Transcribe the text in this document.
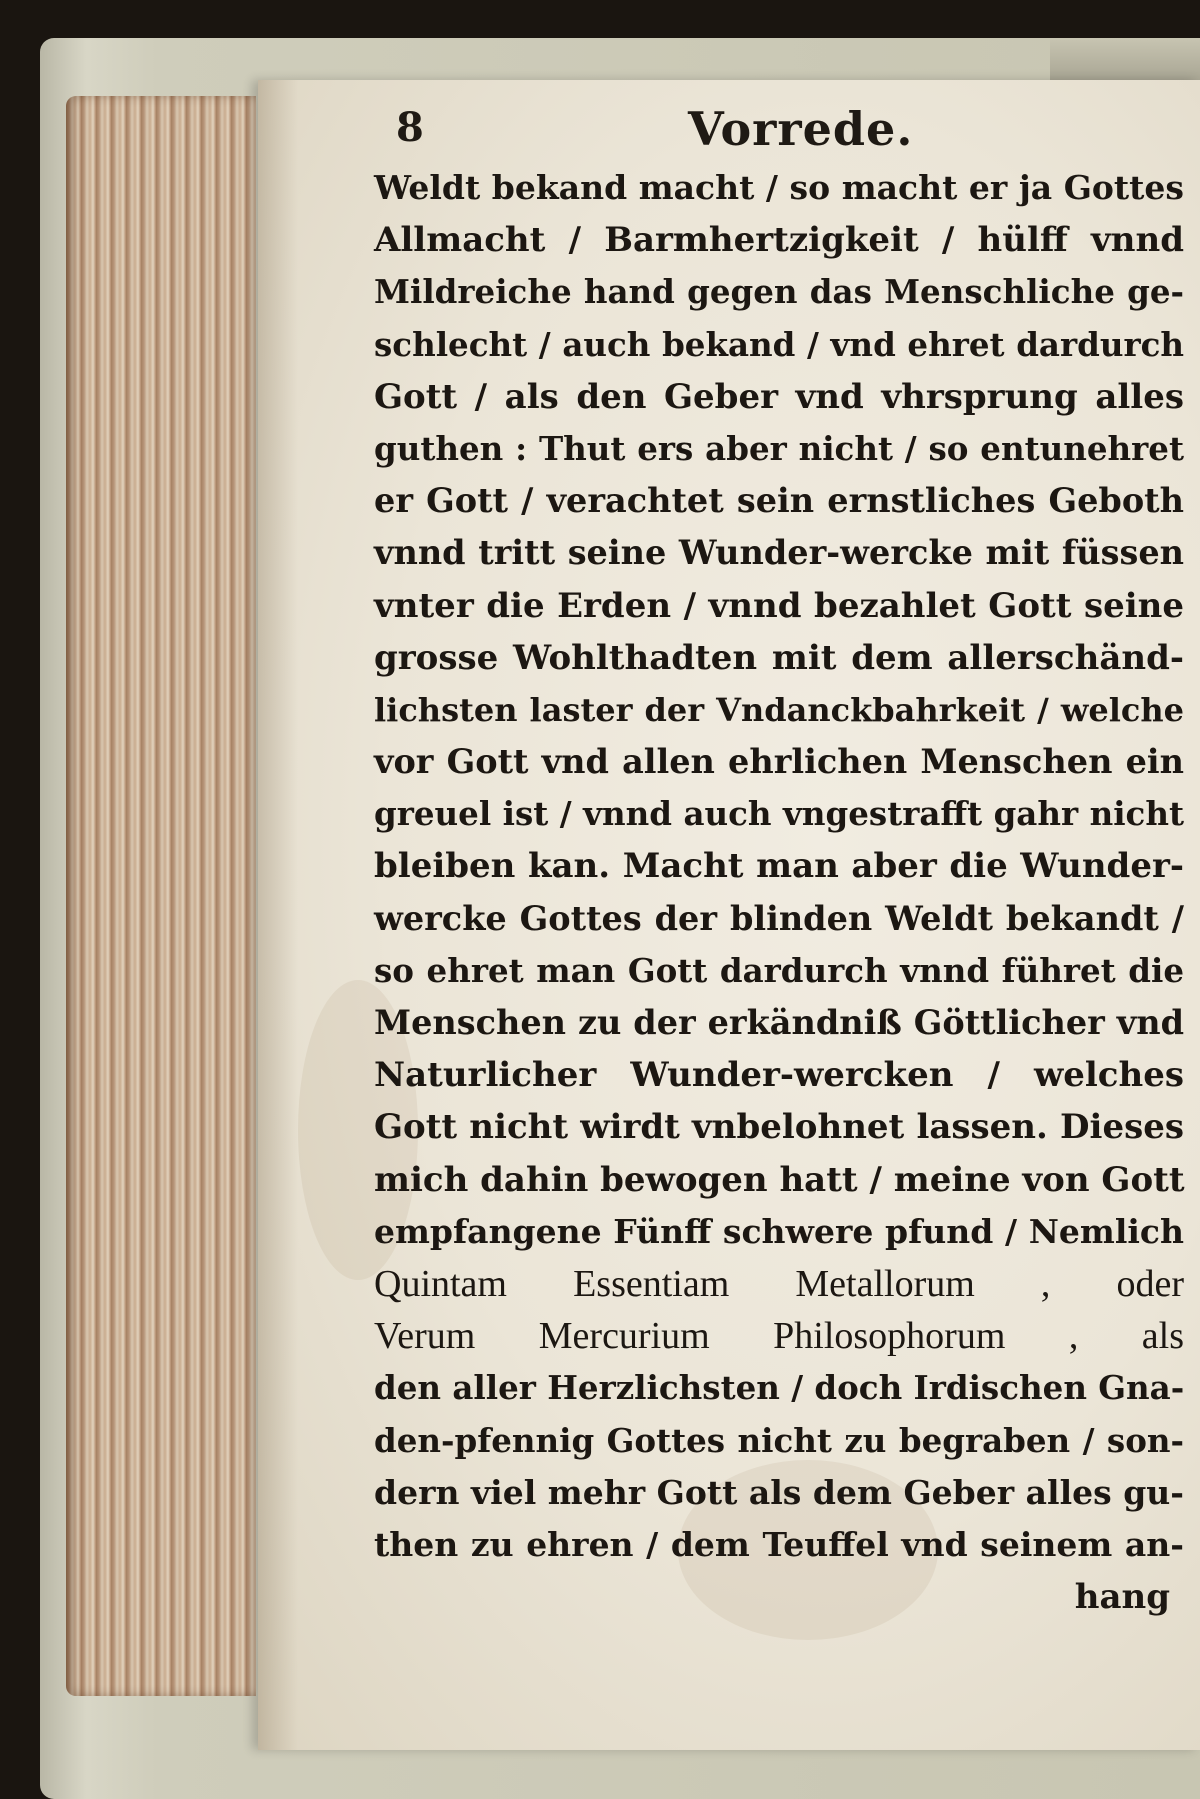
8	Vorrede.
Weldt bekand macht / so macht er ja Gottes
Allmacht / Barmhertzigkeit / hülff vnnd
Mildreiche hand gegen das Menschliche ge-
schlecht / auch bekand / vnd ehret dardurch
Gott / als den Geber vnd vhrsprung alles
guthen : Thut ers aber nicht / so entunehret
er Gott / verachtet sein ernstliches Geboth
vnnd tritt seine Wunder-wercke mit füssen
vnter die Erden / vnnd bezahlet Gott seine
grosse Wohlthadten mit dem allerschänd-
lichsten laster der Vndanckbahrkeit / welche
vor Gott vnd allen ehrlichen Menschen ein
greuel ist / vnnd auch vngestrafft gahr nicht
bleiben kan. Macht man aber die Wunder-
wercke Gottes der blinden Weldt bekandt /
so ehret man Gott dardurch vnnd führet die
Menschen zu der erkändniß Göttlicher vnd
Naturlicher Wunder-wercken / welches
Gott nicht wirdt vnbelohnet lassen. Dieses
mich dahin bewogen hatt / meine von Gott
empfangene Fünff schwere pfund / Nemlich
Quintam Essentiam Metallorum , oder
Verum Mercurium Philosophorum , als
den aller Herzlichsten / doch Irdischen Gna-
den-pfennig Gottes nicht zu begraben / son-
dern viel mehr Gott als dem Geber alles gu-
then zu ehren / dem Teuffel vnd seinem an-
hang
